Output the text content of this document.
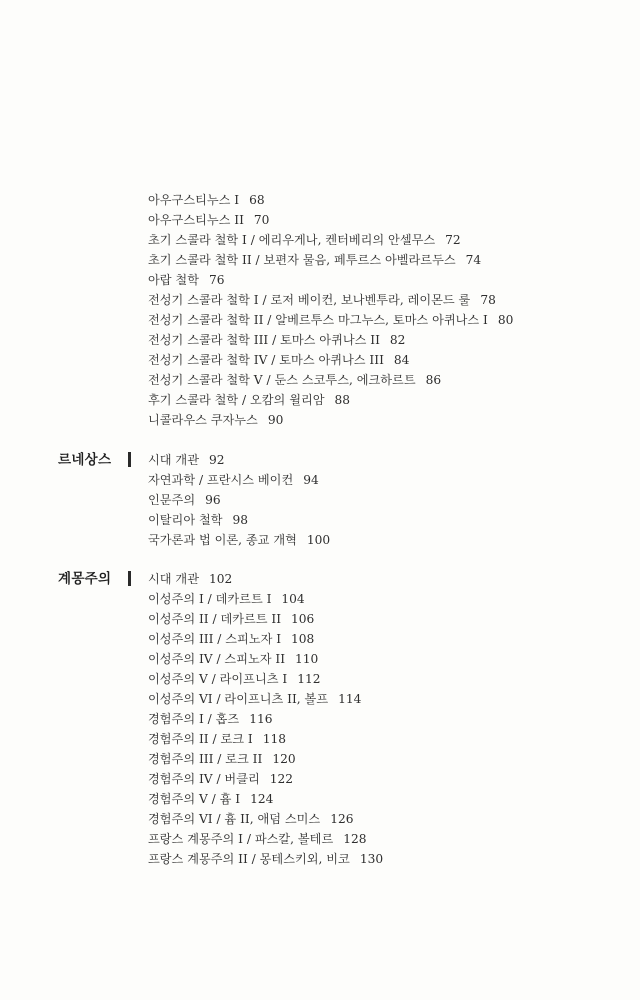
아우구스티누스 I 68
아우구스티누스 II 70
초기 스콜라 철학 I / 에리우게나, 켄터베리의 안셀무스 72
초기 스콜라 철학 II / 보편자 물음, 페투르스 아벨라르두스 74
아랍 철학 76
전성기 스콜라 철학 I / 로저 베이컨, 보나벤투라, 레이몬드 룰 78
전성기 스콜라 철학 II / 알베르투스 마그누스, 토마스 아퀴나스 I 80
전성기 스콜라 철학 III / 토마스 아퀴나스 II 82
전성기 스콜라 철학 IV / 토마스 아퀴나스 III 84
전성기 스콜라 철학 V / 둔스 스코투스, 에크하르트 86
후기 스콜라 철학 / 오캄의 윌리암 88
니콜라우스 쿠자누스 90
르네상스	시대 개관 92
자연과학 / 프란시스 베이컨 94
인문주의 96
이탈리아 철학 98
국가론과 법 이론, 종교 개혁 100
계몽주의	시대 개관 102
이성주의 I / 데카르트 I 104
이성주의 II / 데카르트 II 106
이성주의 III / 스피노자 I 108
이성주의 IV / 스피노자 II 110
이성주의 V / 라이프니츠 I 112
이성주의 VI / 라이프니츠 II, 볼프 114
경험주의 I / 홉즈 116
경험주의 II / 로크 I 118
경험주의 III / 로크 II 120
경험주의 IV / 버클리 122
경험주의 V / 흄 I 124
경험주의 VI / 흄 II, 애덤 스미스 126
프랑스 계몽주의 I / 파스칼, 볼테르 128
프랑스 계몽주의 II / 몽테스키외, 비코 130
